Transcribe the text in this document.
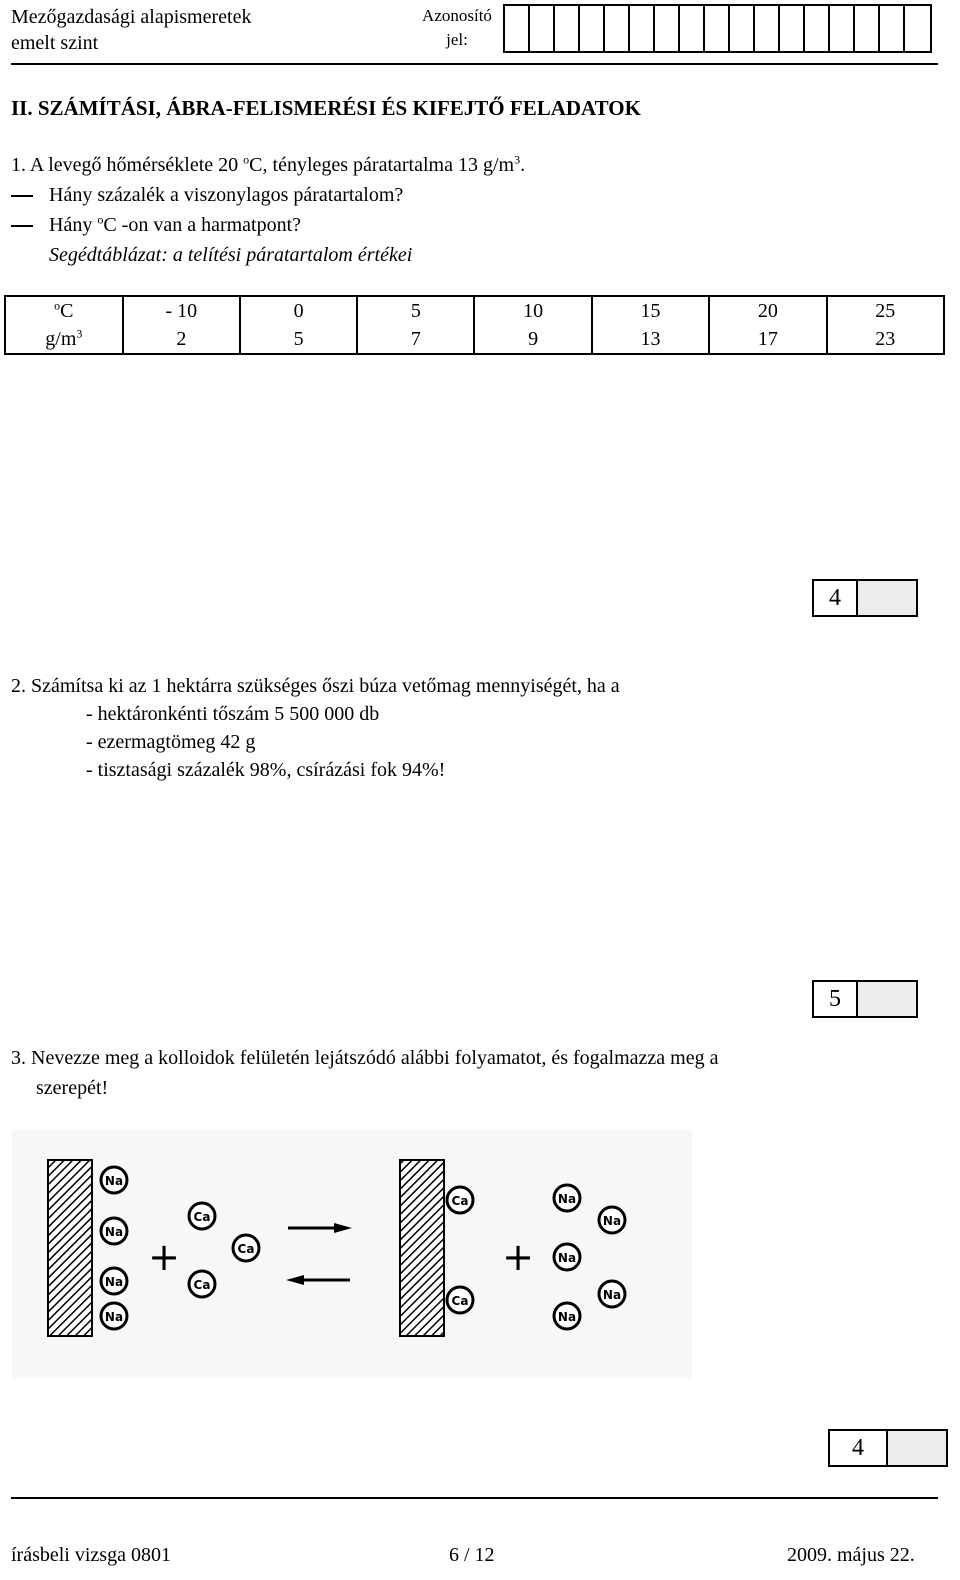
Mezőgazdasági alapismeretek
emelt szint
Azonosító
jel:
II. SZÁMÍTÁSI, ÁBRA-FELISMERÉSI ÉS KIFEJTŐ FELADATOK
1. A levegő hőmérséklete 20 $^o$C, tényleges páratartalma 13 $g/m^3$.
Hány százalék a viszonylagos páratartalom?
Hány $^o$C -on van a harmatpont?
Segédtáblázat: a telítési páratartalom értékei
$^o$C	- 10	0	5	10	15	20	25
$g/m^3$	2	5	7	9	13	17	23
4
2. Számítsa ki az 1 hektárra szükséges őszi búza vetőmag mennyiségét, ha a
- hektáronkénti tőszám 5 500 000 db
- ezermagtömeg 42 g
- tisztasági százalék 98%, csírázási fok 94%!
5
3. Nevezze meg a kolloidok felületén lejátszódó alábbi folyamatot, és fogalmazza meg a
szerepét!
Na
Na
Na
Na
+
Ca
Ca
Ca
Ca
Ca
+
Na
Na
Na
Na
Na
4
írásbeli vizsga 0801	6 / 12	2009. május 22.
